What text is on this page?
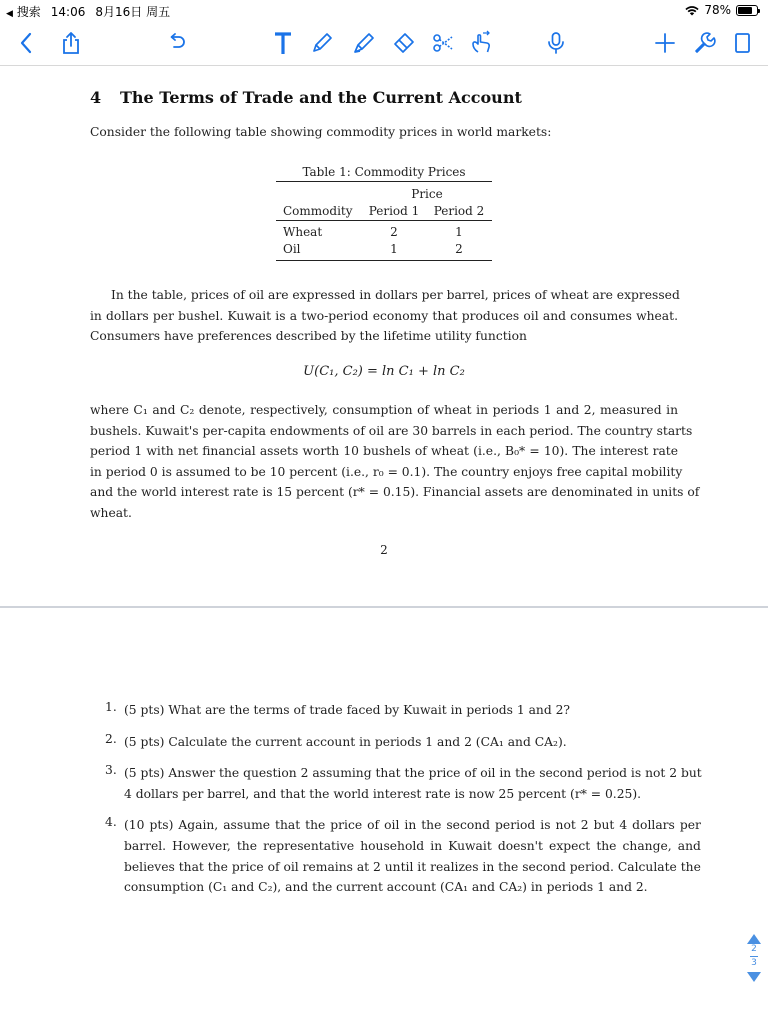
◀ 搜索 14:06 8月16日 周五	78%
4 The Terms of Trade and the Current Account
Consider the following table showing commodity prices in world markets:
Table 1: Commodity Prices
Price
Commodity	Period 1	Period 2
Wheat	2	1
Oil	1	2
In the table, prices of oil are expressed in dollars per barrel, prices of wheat are expressed
in dollars per bushel. Kuwait is a two-period economy that produces oil and consumes wheat.
Consumers have preferences described by the lifetime utility function
U(C₁, C₂) = ln C₁ + ln C₂
where C₁ and C₂ denote, respectively, consumption of wheat in periods 1 and 2, measured in
bushels. Kuwait's per-capita endowments of oil are 30 barrels in each period. The country starts
period 1 with net financial assets worth 10 bushels of wheat (i.e., B₀* = 10). The interest rate
in period 0 is assumed to be 10 percent (i.e., r₀ = 0.1). The country enjoys free capital mobility
and the world interest rate is 15 percent (r* = 0.15). Financial assets are denominated in units of
wheat.
2
1. (5 pts) What are the terms of trade faced by Kuwait in periods 1 and 2?
2. (5 pts) Calculate the current account in periods 1 and 2 (CA₁ and CA₂).
3. (5 pts) Answer the question 2 assuming that the price of oil in the second period is not 2 but
4 dollars per barrel, and that the world interest rate is now 25 percent (r* = 0.25).
4. (10 pts) Again, assume that the price of oil in the second period is not 2 but 4 dollars per
barrel. However, the representative household in Kuwait doesn't expect the change, and
believes that the price of oil remains at 2 until it realizes in the second period. Calculate the
consumption (C₁ and C₂), and the current account (CA₁ and CA₂) in periods 1 and 2.
2
3
